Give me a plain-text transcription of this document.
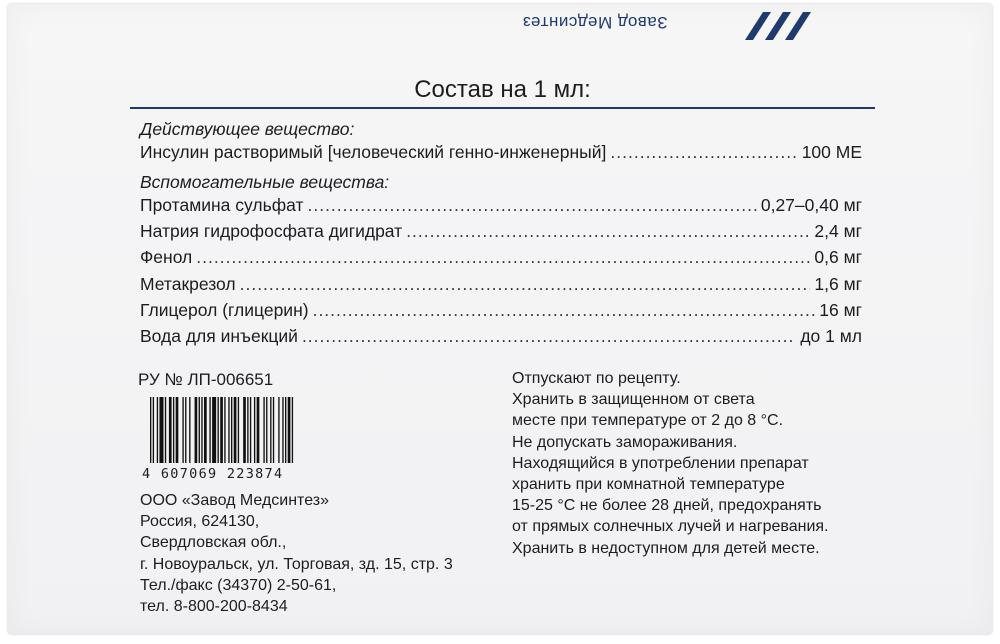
Завод Медсинтез
Состав на 1 мл:
Действующее вещество:
Инсулин растворимый [человеческий генно-инженерный] .....	100 МЕ
Вспомогательные вещества:
Протамина сульфат .....	0,27–0,40 мг
Натрия гидрофосфата дигидрат .....	2,4 мг
Фенол .....	0,6 мг
Метакрезол .....	1,6 мг
Глицерол (глицерин) .....	16 мг
Вода для инъекций .....	до 1 мл
РУ № ЛП-006651
4 607069 223874
ООО «Завод Медсинтез»
Россия, 624130,
Свердловская обл.,
г. Новоуральск, ул. Торговая, зд. 15, стр. 3
Тел./факс (34370) 2-50-61,
тел. 8-800-200-8434
Отпускают по рецепту.
Хранить в защищенном от света
месте при температуре от 2 до 8 °С.
Не допускать замораживания.
Находящийся в употреблении препарат
хранить при комнатной температуре
15-25 °С не более 28 дней, предохранять
от прямых солнечных лучей и нагревания.
Хранить в недоступном для детей месте.
